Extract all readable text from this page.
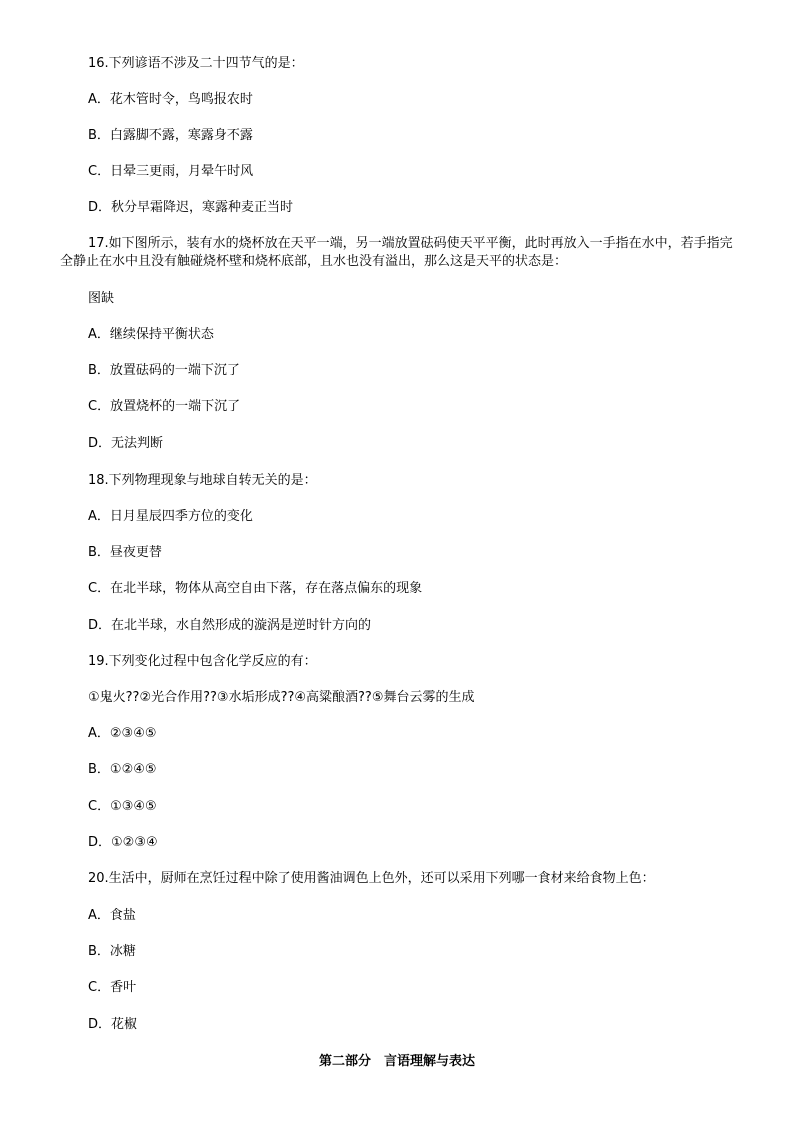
16.下列谚语不涉及二十四节气的是：
A．花木管时令，鸟鸣报农时
B．白露脚不露，寒露身不露
C．日晕三更雨，月晕午时风
D．秋分早霜降迟，寒露种麦正当时
17.如下图所示，装有水的烧杯放在天平一端，另一端放置砝码使天平平衡，此时再放入一手指在水中，若手指完全静止在水中且没有触碰烧杯壁和烧杯底部，且水也没有溢出，那么这是天平的状态是：
图缺
A．继续保持平衡状态
B．放置砝码的一端下沉了
C．放置烧杯的一端下沉了
D．无法判断
18.下列物理现象与地球自转无关的是：
A．日月星辰四季方位的变化
B．昼夜更替
C．在北半球，物体从高空自由下落，存在落点偏东的现象
D．在北半球，水自然形成的漩涡是逆时针方向的
19.下列变化过程中包含化学反应的有：
①鬼火??②光合作用??③水垢形成??④高粱酿酒??⑤舞台云雾的生成
A．②③④⑤
B．①②④⑤
C．①③④⑤
D．①②③④
20.生活中，厨师在烹饪过程中除了使用酱油调色上色外，还可以采用下列哪一食材来给食物上色：
A．食盐
B．冰糖
C．香叶
D．花椒
第二部分　言语理解与表达
